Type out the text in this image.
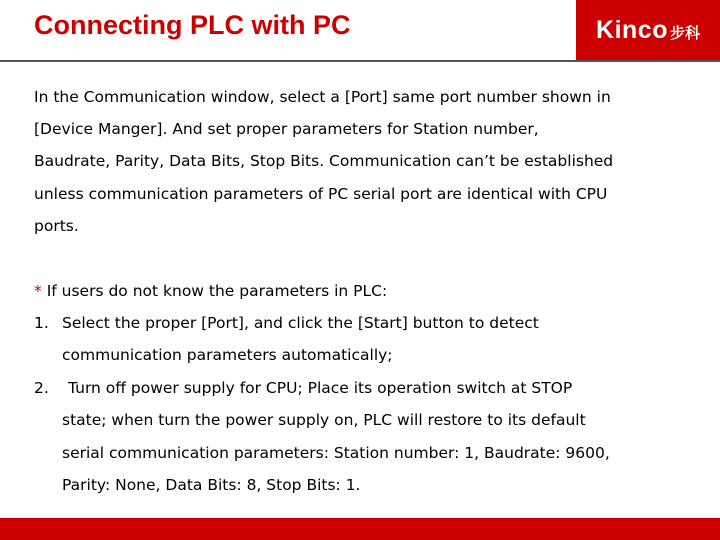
Connecting PLC with PC	Kinco 步科
In the Communication window, select a [Port] same port number shown in
[Device Manger]. And set proper parameters for Station number,
Baudrate, Parity, Data Bits, Stop Bits. Communication can’t be established
unless communication parameters of PC serial port are identical with CPU
ports.
* If users do not know the parameters in PLC:
1. Select the proper [Port], and click the [Start] button to detect
communication parameters automatically;
2. Turn off power supply for CPU; Place its operation switch at STOP
state; when turn the power supply on, PLC will restore to its default
serial communication parameters: Station number: 1, Baudrate: 9600,
Parity: None, Data Bits: 8, Stop Bits: 1.
